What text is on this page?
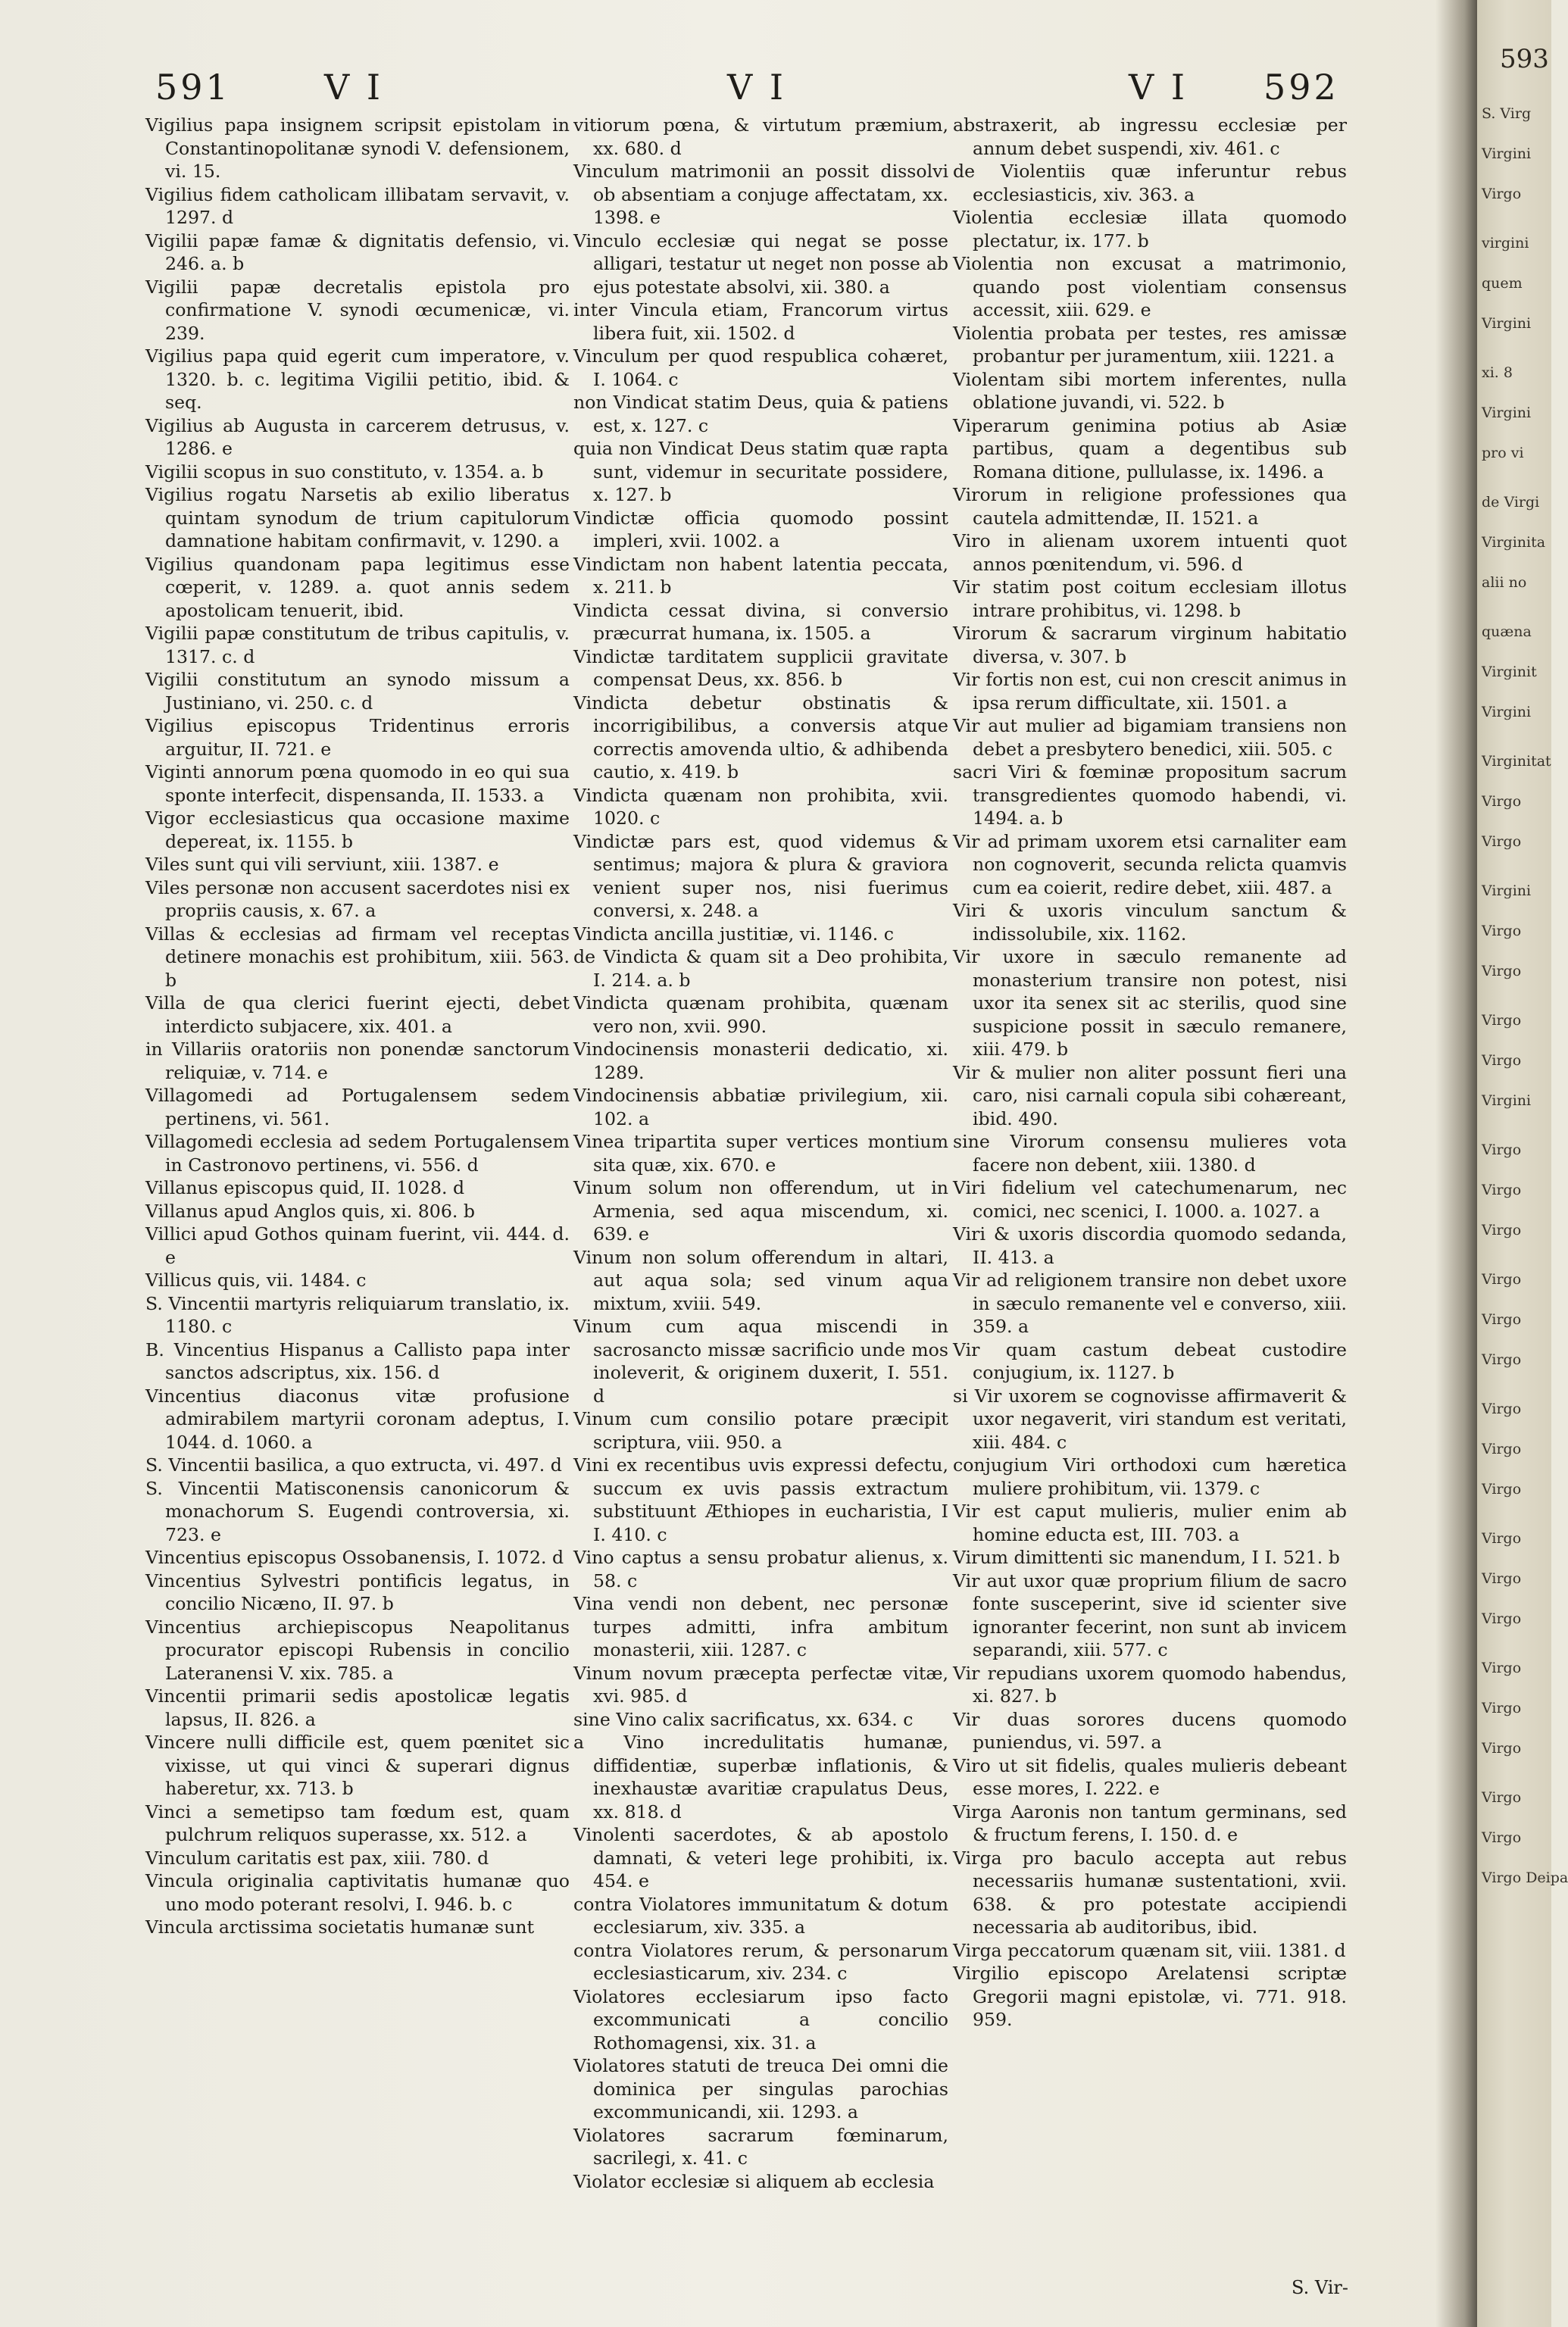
591	V I	V I	V I 592

Vigilius papa insignem scripsit epistolam in Constantinopolitanæ synodi V. defensionem, vi. 15.

Vigilius fidem catholicam illibatam servavit, v. 1297. d

Vigilii papæ famæ & dignitatis defensio, vi. 246. a. b

Vigilii papæ decretalis epistola pro confirmatione V. synodi œcumenicæ, vi. 239.

Vigilius papa quid egerit cum imperatore, v. 1320. b. c. legitima Vigilii petitio, ibid. & seq.

Vigilius ab Augusta in carcerem detrusus, v. 1286. e

Vigilii scopus in suo constituto, v. 1354. a. b

Vigilius rogatu Narsetis ab exilio liberatus quintam synodum de trium capitulorum damnatione habitam confirmavit, v. 1290. a

Vigilius quandonam papa legitimus esse cœperit, v. 1289. a. quot annis sedem apostolicam tenuerit, ibid.

Vigilii papæ constitutum de tribus capitulis, v. 1317. c. d

Vigilii constitutum an synodo missum a Justiniano, vi. 250. c. d

Vigilius episcopus Tridentinus erroris arguitur, II. 721. e

Viginti annorum pœna quomodo in eo qui sua sponte interfecit, dispensanda, II. 1533. a

Vigor ecclesiasticus qua occasione maxime depereat, ix. 1155. b

Viles sunt qui vili serviunt, xiii. 1387. e

Viles personæ non accusent sacerdotes nisi ex propriis causis, x. 67. a

Villas & ecclesias ad firmam vel receptas detinere monachis est prohibitum, xiii. 563. b

Villa de qua clerici fuerint ejecti, debet interdicto subjacere, xix. 401. a

in Villariis oratoriis non ponendæ sanctorum reliquiæ, v. 714. e

Villagomedi ad Portugalensem sedem pertinens, vi. 561.

Villagomedi ecclesia ad sedem Portugalensem in Castronovo pertinens, vi. 556. d

Villanus episcopus quid, II. 1028. d

Villanus apud Anglos quis, xi. 806. b

Villici apud Gothos quinam fuerint, vii. 444. d. e

Villicus quis, vii. 1484. c

S. Vincentii martyris reliquiarum translatio, ix. 1180. c

B. Vincentius Hispanus a Callisto papa inter sanctos adscriptus, xix. 156. d

Vincentius diaconus vitæ profusione admirabilem martyrii coronam adeptus, I. 1044. d. 1060. a

S. Vincentii basilica, a quo extructa, vi. 497. d

S. Vincentii Matisconensis canonicorum & monachorum S. Eugendi controversia, xi. 723. e

Vincentius episcopus Ossobanensis, I. 1072. d

Vincentius Sylvestri pontificis legatus, in concilio Nicæno, II. 97. b

Vincentius archiepiscopus Neapolitanus procurator episcopi Rubensis in concilio Lateranensi V. xix. 785. a

Vincentii primarii sedis apostolicæ legatis lapsus, II. 826. a

Vincere nulli difficile est, quem pœnitet sic vixisse, ut qui vinci & superari dignus haberetur, xx. 713. b

Vinci a semetipso tam fœdum est, quam pulchrum reliquos superasse, xx. 512. a

Vinculum caritatis est pax, xiii. 780. d

Vincula originalia captivitatis humanæ quo uno modo poterant resolvi, I. 946. b. c

Vincula arctissima societatis humanæ sunt

vitiorum pœna, & virtutum præmium, xx. 680. d

Vinculum matrimonii an possit dissolvi ob absentiam a conjuge affectatam, xx. 1398. e

Vinculo ecclesiæ qui negat se posse alligari, testatur ut neget non posse ab ejus potestate absolvi, xii. 380. a

inter Vincula etiam, Francorum virtus libera fuit, xii. 1502. d

Vinculum per quod respublica cohæret, I. 1064. c

non Vindicat statim Deus, quia & patiens est, x. 127. c

quia non Vindicat Deus statim quæ rapta sunt, videmur in securitate possidere, x. 127. b

Vindictæ officia quomodo possint impleri, xvii. 1002. a

Vindictam non habent latentia peccata, x. 211. b

Vindicta cessat divina, si conversio præcurrat humana, ix. 1505. a

Vindictæ tarditatem supplicii gravitate compensat Deus, xx. 856. b

Vindicta debetur obstinatis & incorrigibilibus, a conversis atque correctis amovenda ultio, & adhibenda cautio, x. 419. b

Vindicta quænam non prohibita, xvii. 1020. c

Vindictæ pars est, quod videmus & sentimus; majora & plura & graviora venient super nos, nisi fuerimus conversi, x. 248. a

Vindicta ancilla justitiæ, vi. 1146. c

de Vindicta & quam sit a Deo prohibita, I. 214. a. b

Vindicta quænam prohibita, quænam vero non, xvii. 990.

Vindocinensis monasterii dedicatio, xi. 1289.

Vindocinensis abbatiæ privilegium, xii. 102. a

Vinea tripartita super vertices montium sita quæ, xix. 670. e

Vinum solum non offerendum, ut in Armenia, sed aqua miscendum, xi. 639. e

Vinum non solum offerendum in altari, aut aqua sola; sed vinum aqua mixtum, xviii. 549.

Vinum cum aqua miscendi in sacrosancto missæ sacrificio unde mos inoleverit, & originem duxerit, I. 551. d

Vinum cum consilio potare præcipit scriptura, viii. 950. a

Vini ex recentibus uvis expressi defectu, succum ex uvis passis extractum substituunt Æthiopes in eucharistia, I I. 410. c

Vino captus a sensu probatur alienus, x. 58. c

Vina vendi non debent, nec personæ turpes admitti, infra ambitum monasterii, xiii. 1287. c

Vinum novum præcepta perfectæ vitæ, xvi. 985. d

sine Vino calix sacrificatus, xx. 634. c

a Vino incredulitatis humanæ, diffidentiæ, superbæ inflationis, & inexhaustæ avaritiæ crapulatus Deus, xx. 818. d

Vinolenti sacerdotes, & ab apostolo damnati, & veteri lege prohibiti, ix. 454. e

contra Violatores immunitatum & dotum ecclesiarum, xiv. 335. a

contra Violatores rerum, & personarum ecclesiasticarum, xiv. 234. c

Violatores ecclesiarum ipso facto excommunicati a concilio Rothomagensi, xix. 31. a

Violatores statuti de treuca Dei omni die dominica per singulas parochias excommunicandi, xii. 1293. a

Violatores sacrarum fœminarum, sacrilegi, x. 41. c

Violator ecclesiæ si aliquem ab ecclesia

abstraxerit, ab ingressu ecclesiæ per annum debet suspendi, xiv. 461. c

de Violentiis quæ inferuntur rebus ecclesiasticis, xiv. 363. a

Violentia ecclesiæ illata quomodo plectatur, ix. 177. b

Violentia non excusat a matrimonio, quando post violentiam consensus accessit, xiii. 629. e

Violentia probata per testes, res amissæ probantur per juramentum, xiii. 1221. a

Violentam sibi mortem inferentes, nulla oblatione juvandi, vi. 522. b

Viperarum genimina potius ab Asiæ partibus, quam a degentibus sub Romana ditione, pullulasse, ix. 1496. a

Virorum in religione professiones qua cautela admittendæ, II. 1521. a

Viro in alienam uxorem intuenti quot annos pœnitendum, vi. 596. d

Vir statim post coitum ecclesiam illotus intrare prohibitus, vi. 1298. b

Virorum & sacrarum virginum habitatio diversa, v. 307. b

Vir fortis non est, cui non crescit animus in ipsa rerum difficultate, xii. 1501. a

Vir aut mulier ad bigamiam transiens non debet a presbytero benedici, xiii. 505. c

sacri Viri & fœminæ propositum sacrum transgredientes quomodo habendi, vi. 1494. a. b

Vir ad primam uxorem etsi carnaliter eam non cognoverit, secunda relicta quamvis cum ea coierit, redire debet, xiii. 487. a

Viri & uxoris vinculum sanctum & indissolubile, xix. 1162.

Vir uxore in sæculo remanente ad monasterium transire non potest, nisi uxor ita senex sit ac sterilis, quod sine suspicione possit in sæculo remanere, xiii. 479. b

Vir & mulier non aliter possunt fieri una caro, nisi carnali copula sibi cohæreant, ibid. 490.

sine Virorum consensu mulieres vota facere non debent, xiii. 1380. d

Viri fidelium vel catechumenarum, nec comici, nec scenici, I. 1000. a. 1027. a

Viri & uxoris discordia quomodo sedanda, II. 413. a

Vir ad religionem transire non debet uxore in sæculo remanente vel e converso, xiii. 359. a

Vir quam castum debeat custodire conjugium, ix. 1127. b

si Vir uxorem se cognovisse affirmaverit & uxor negaverit, viri standum est veritati, xiii. 484. c

conjugium Viri orthodoxi cum hæretica muliere prohibitum, vii. 1379. c

Vir est caput mulieris, mulier enim ab homine educta est, III. 703. a

Virum dimittenti sic manendum, I I. 521. b

Vir aut uxor quæ proprium filium de sacro fonte susceperint, sive id scienter sive ignoranter fecerint, non sunt ab invicem separandi, xiii. 577. c

Vir repudians uxorem quomodo habendus, xi. 827. b

Vir duas sorores ducens quomodo puniendus, vi. 597. a

Viro ut sit fidelis, quales mulieris debeant esse mores, I. 222. e

Virga Aaronis non tantum germinans, sed & fructum ferens, I. 150. d. e

Virga pro baculo accepta aut rebus necessariis humanæ sustentationi, xvii. 638. & pro potestate accipiendi necessaria ab auditoribus, ibid.

Virga peccatorum quænam sit, viii. 1381. d

Virgilio episcopo Arelatensi scriptæ Gregorii magni epistolæ, vi. 771. 918. 959.

S. Vir-
593
S. Virg
Virgini
Virgo
virgini
quem
Virgini
xi. 8
Virgini
pro vi
de Virgi
Virginita
alii no
quæna
Virginit
Virgini
Virginitat
Virgo
Virgo
Virgini
Virgo
Virgo
Virgo
Virgo
Virgini
Virgo
Virgo
Virgo
Virgo
Virgo
Virgo
Virgo
Virgo
Virgo
Virgo
Virgo
Virgo
Virgo
Virgo
Virgo
Virgo
Virgo
Virgo Deipa
